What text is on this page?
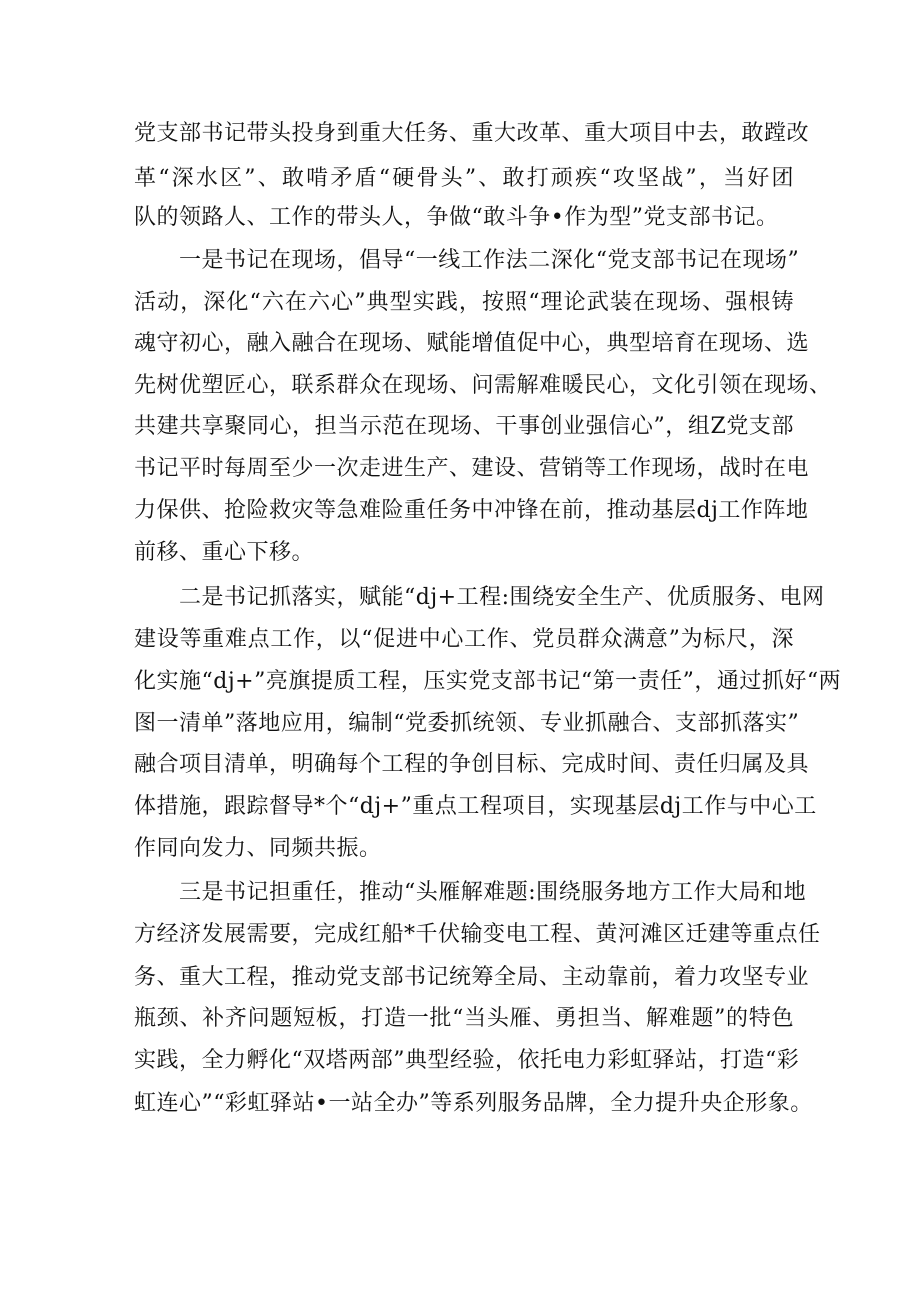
党支部书记带头投身到重大任务、重大改革、重大项目中去，敢蹚改
革“深水区”、敢啃矛盾“硬骨头”、敢打顽疾“攻坚战”，当好团
队的领路人、工作的带头人，争做“敢斗争•作为型”党支部书记。
一是书记在现场，倡导“一线工作法二深化“党支部书记在现场”
活动，深化“六在六心”典型实践，按照“理论武装在现场、强根铸
魂守初心，融入融合在现场、赋能增值促中心，典型培育在现场、选
先树优塑匠心，联系群众在现场、问需解难暖民心，文化引领在现场、
共建共享聚同心，担当示范在现场、干事创业强信心”，组Z党支部
书记平时每周至少一次走进生产、建设、营销等工作现场，战时在电
力保供、抢险救灾等急难险重任务中冲锋在前，推动基层dj工作阵地
前移、重心下移。
二是书记抓落实，赋能“dj+工程:围绕安全生产、优质服务、电网
建设等重难点工作，以“促进中心工作、党员群众满意”为标尺，深
化实施“dj+”亮旗提质工程，压实党支部书记“第一责任”，通过抓好“两
图一清单”落地应用，编制“党委抓统领、专业抓融合、支部抓落实”
融合项目清单，明确每个工程的争创目标、完成时间、责任归属及具
体措施，跟踪督导*个“dj+”重点工程项目，实现基层dj工作与中心工
作同向发力、同频共振。
三是书记担重任，推动“头雁解难题:围绕服务地方工作大局和地
方经济发展需要，完成红船*千伏输变电工程、黄河滩区迁建等重点任
务、重大工程，推动党支部书记统筹全局、主动靠前，着力攻坚专业
瓶颈、补齐问题短板，打造一批“当头雁、勇担当、解难题”的特色
实践，全力孵化“双塔两部”典型经验，依托电力彩虹驿站，打造“彩
虹连心”“彩虹驿站•一站全办”等系列服务品牌，全力提升央企形象。
